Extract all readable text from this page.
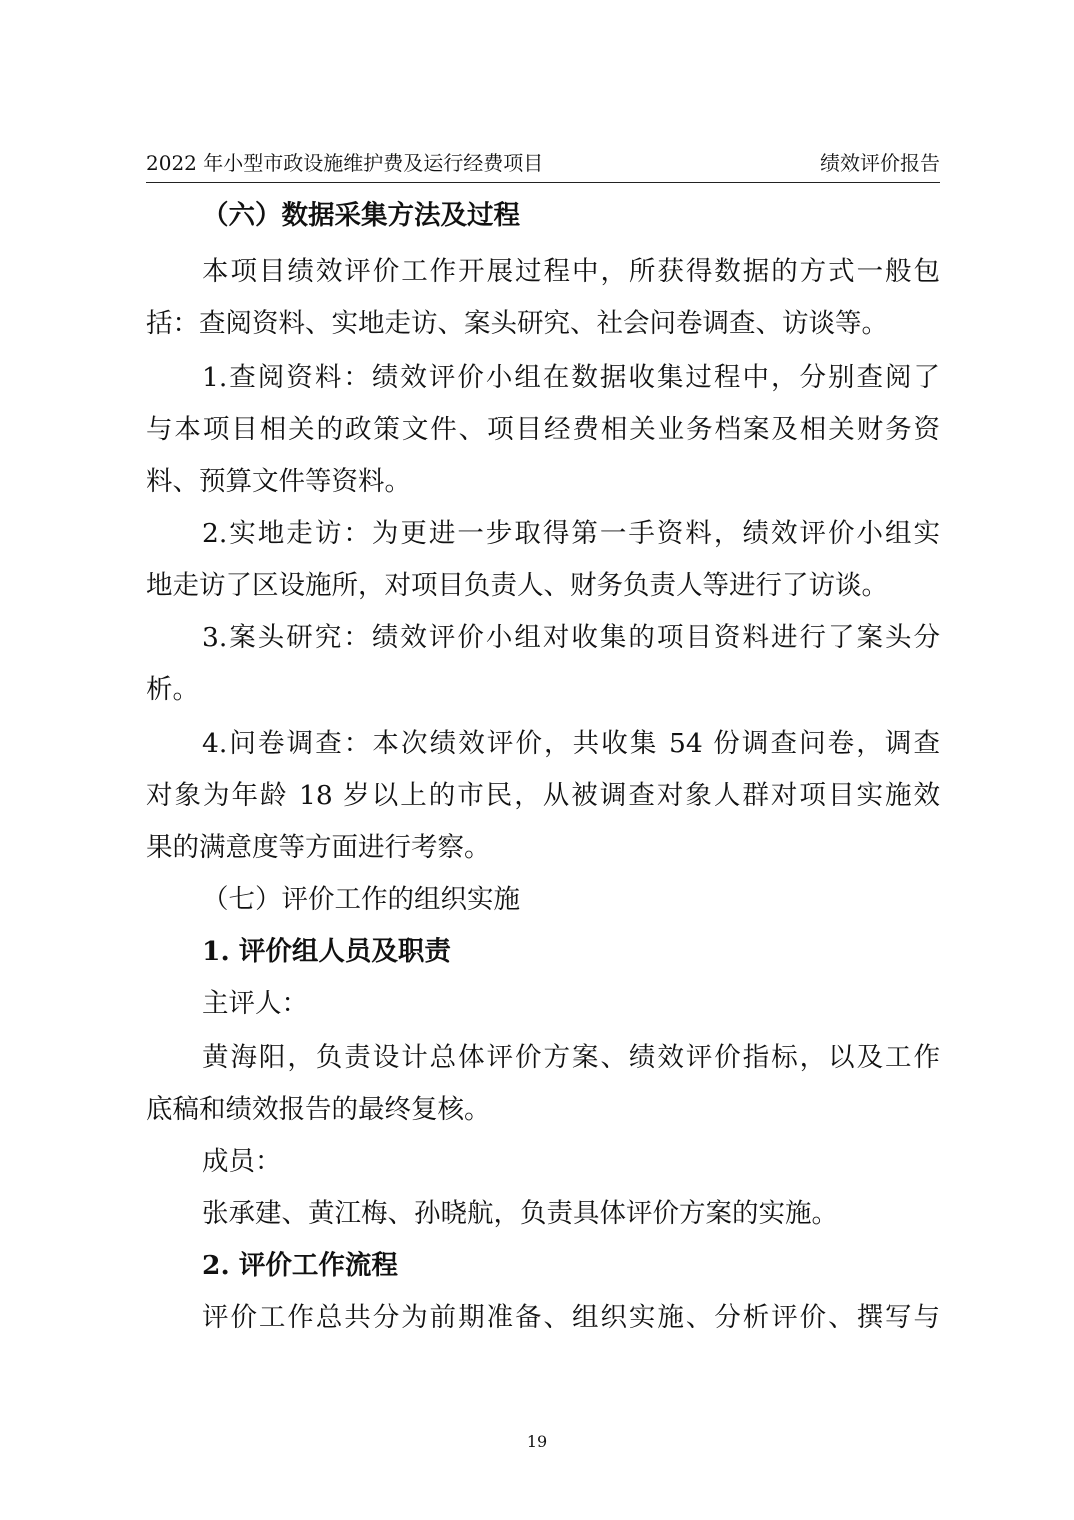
2022 年小型市政设施维护费及运行经费项目	绩效评价报告
（六）数据采集方法及过程
本项目绩效评价工作开展过程中，所获得数据的方式一般包
括：查阅资料、实地走访、案头研究、社会问卷调查、访谈等。
1.查阅资料：绩效评价小组在数据收集过程中，分别查阅了
与本项目相关的政策文件、项目经费相关业务档案及相关财务资
料、预算文件等资料。
2.实地走访：为更进一步取得第一手资料，绩效评价小组实
地走访了区设施所，对项目负责人、财务负责人等进行了访谈。
3.案头研究：绩效评价小组对收集的项目资料进行了案头分
析。
4.问卷调查：本次绩效评价，共收集 54 份调查问卷，调查
对象为年龄 18 岁以上的市民，从被调查对象人群对项目实施效
果的满意度等方面进行考察。
（七）评价工作的组织实施
1. 评价组人员及职责
主评人：
黄海阳，负责设计总体评价方案、绩效评价指标，以及工作
底稿和绩效报告的最终复核。
成员：
张承建、黄江梅、孙晓航，负责具体评价方案的实施。
2. 评价工作流程
评价工作总共分为前期准备、组织实施、分析评价、撰写与
19
